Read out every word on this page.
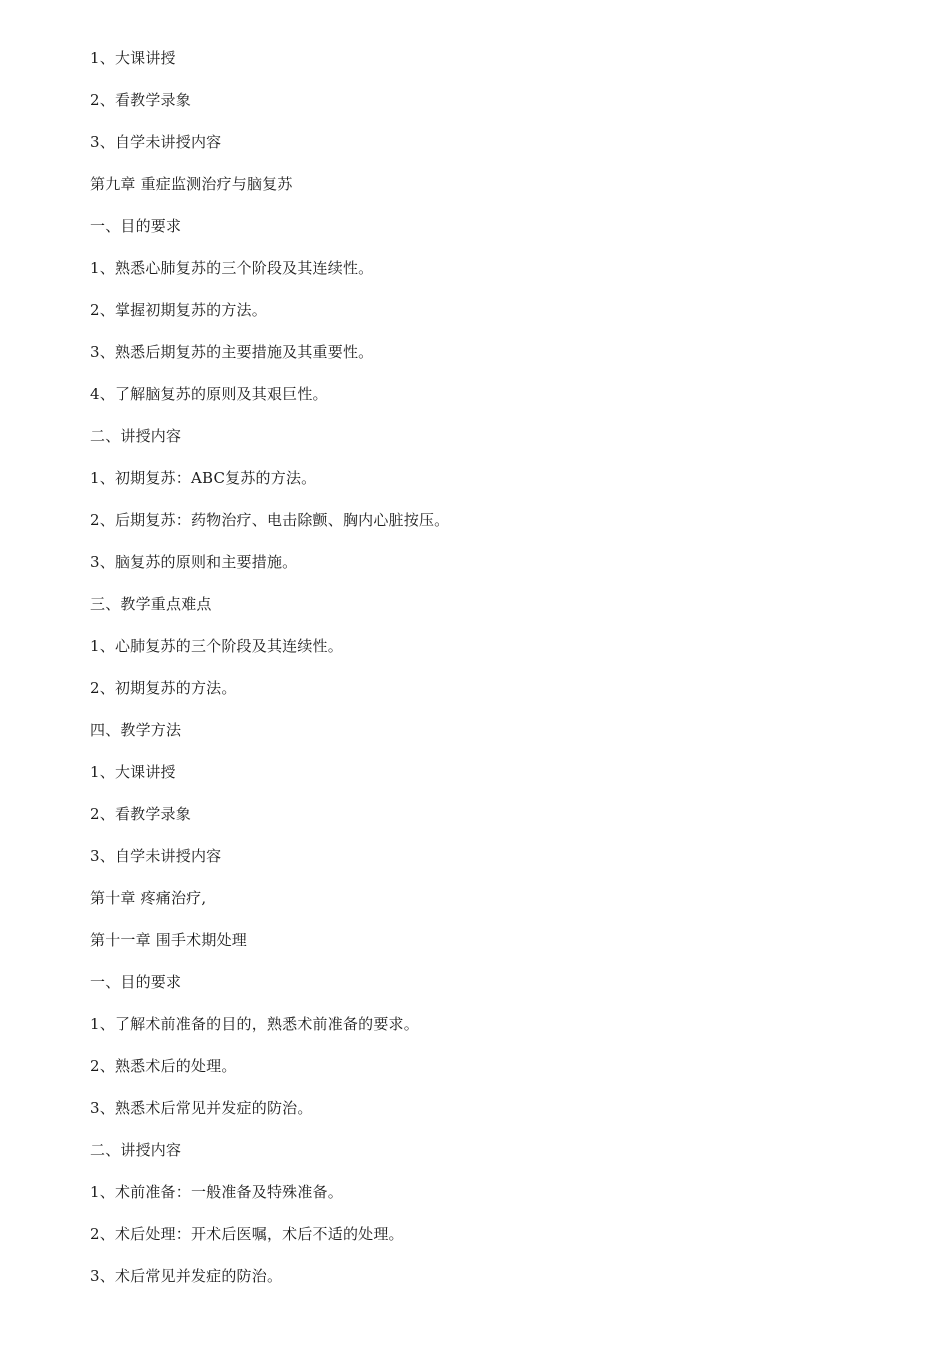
1、大课讲授
2、看教学录象
3、自学未讲授内容
第九章 重症监测治疗与脑复苏
一、目的要求
1、熟悉心肺复苏的三个阶段及其连续性。
2、掌握初期复苏的方法。
3、熟悉后期复苏的主要措施及其重要性。
4、了解脑复苏的原则及其艰巨性。
二、讲授内容
1、初期复苏：ABC复苏的方法。
2、后期复苏：药物治疗、电击除颤、胸内心脏按压。
3、脑复苏的原则和主要措施。
三、教学重点难点
1、心肺复苏的三个阶段及其连续性。
2、初期复苏的方法。
四、教学方法
1、大课讲授
2、看教学录象
3、自学未讲授内容
第十章 疼痛治疗,
第十一章 围手术期处理
一、目的要求
1、了解术前准备的目的，熟悉术前准备的要求。
2、熟悉术后的处理。
3、熟悉术后常见并发症的防治。
二、讲授内容
1、术前准备：一般准备及特殊准备。
2、术后处理：开术后医嘱，术后不适的处理。
3、术后常见并发症的防治。
